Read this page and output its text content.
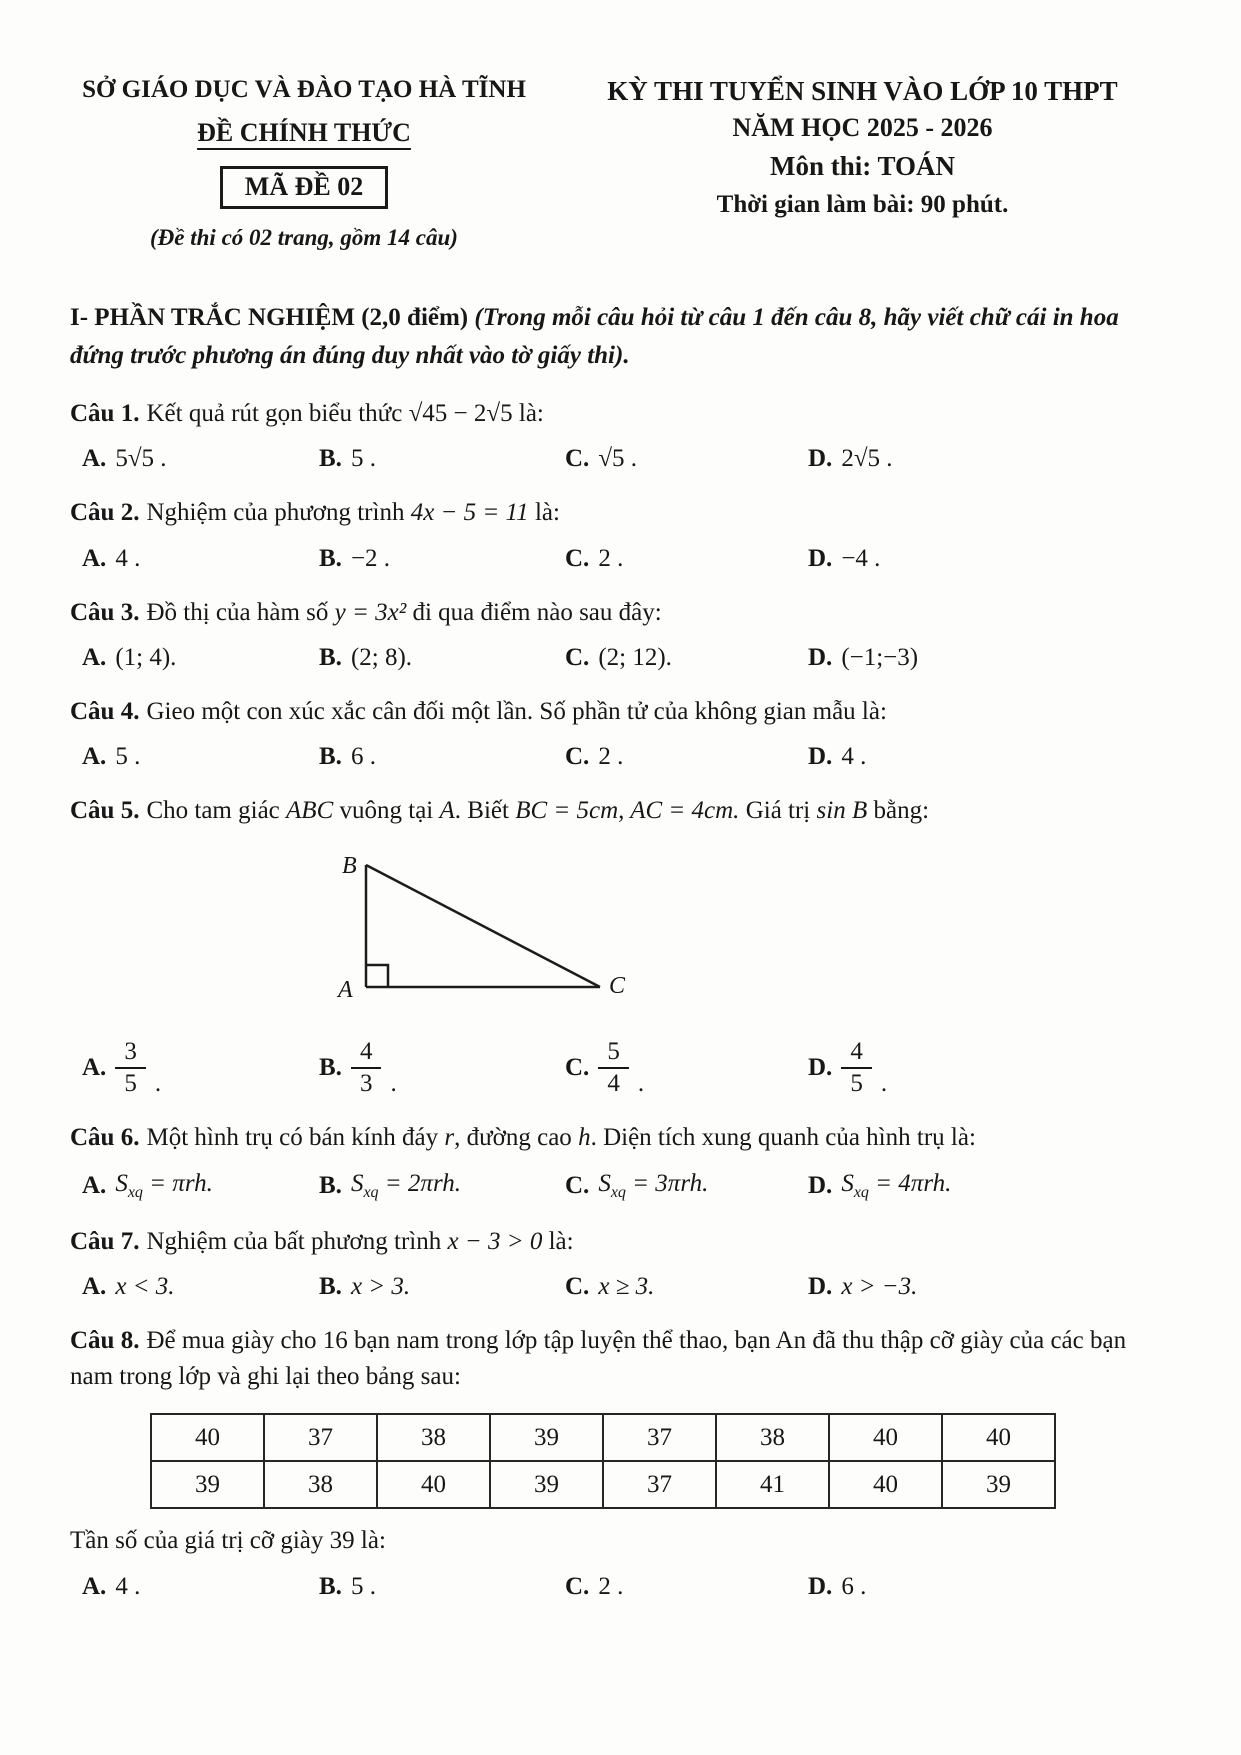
SỞ GIÁO DỤC VÀ ĐÀO TẠO HÀ TĨNH
ĐỀ CHÍNH THỨC
MÃ ĐỀ 02
(Đề thi có 02 trang, gồm 14 câu)
KỲ THI TUYỂN SINH VÀO LỚP 10 THPT
NĂM HỌC 2025 - 2026
Môn thi: TOÁN
Thời gian làm bài: 90 phút.

I- PHẦN TRẮC NGHIỆM (2,0 điểm) (Trong mỗi câu hỏi từ câu 1 đến câu 8, hãy viết chữ cái in hoa đứng trước phương án đúng duy nhất vào tờ giấy thi).

Câu 1. Kết quả rút gọn biểu thức √45 − 2√5 là:

A. 5√5 .	B. 5 .	C. √5 .	D. 2√5 .

Câu 2. Nghiệm của phương trình 4x − 5 = 11 là:

A. 4 .	B. −2 .	C. 2 .	D. −4 .

Câu 3. Đồ thị của hàm số y = 3x² đi qua điểm nào sau đây:

A. (1; 4).	B. (2; 8).	C. (2; 12).	D. (−1;−3)

Câu 4. Gieo một con xúc xắc cân đối một lần. Số phần tử của không gian mẫu là:

A. 5 .	B. 6 .	C. 2 .	D. 4 .

Câu 5. Cho tam giác ABC vuông tại A. Biết BC = 5cm, AC = 4cm. Giá trị sin B bằng:

B
A	C
A. $\frac{3}{5}$ .
B. $\frac{4}{3}$ .
C. $\frac{5}{4}$ .
D. $\frac{4}{5}$ .

Câu 6. Một hình trụ có bán kính đáy r, đường cao h. Diện tích xung quanh của hình trụ là:

A. $S_{xq} = \pi rh$.	B. $S_{xq} = 2\pi rh$.	C. $S_{xq} = 3\pi rh$.	D. $S_{xq} = 4\pi rh$.

Câu 7. Nghiệm của bất phương trình x − 3 > 0 là:

A. x < 3.	B. x > 3.	C. x ≥ 3.	D. x > −3.

Câu 8. Để mua giày cho 16 bạn nam trong lớp tập luyện thể thao, bạn An đã thu thập cỡ giày của các bạn nam trong lớp và ghi lại theo bảng sau:

40	37	38	39	37	38	40	40
39	38	40	39	37	41	40	39

Tần số của giá trị cỡ giày 39 là:

A. 4 .	B. 5 .	C. 2 .	D. 6 .
